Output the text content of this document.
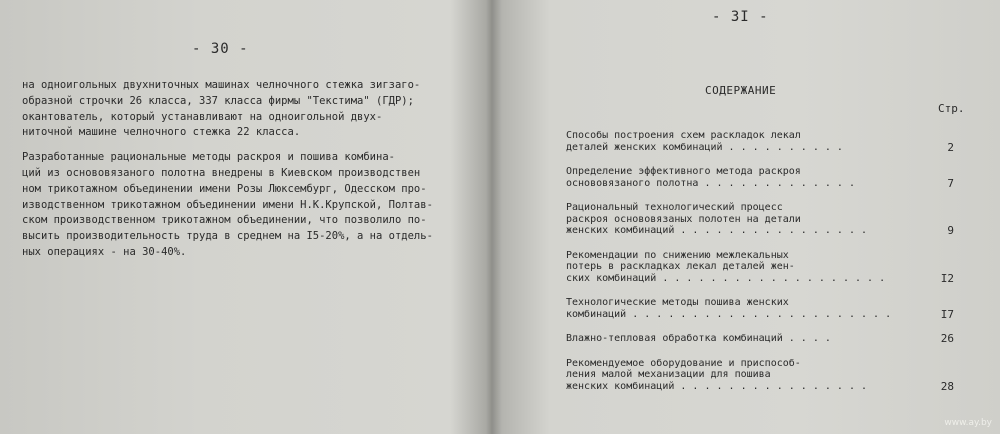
- 30 -
на одноигольных двухниточных машинах челночного стежка зигзаго-
образной строчки 26 класса, 337 класса фирмы "Текстима" (ГДР);
окантователь, который устанавливают на одноигольной двух-
ниточной машине челночного стежка 22 класса.
Разработанные рациональные методы раскроя и пошива комбина-
ций из основовязаного полотна внедрены в Киевском производствен
ном трикотажном объединении имени Розы Люксембург, Одесском про-
изводственном трикотажном объединении имени Н.К.Крупской, Полтав-
ском производственном трикотажном объединении, что позволило по-
высить производительность труда в среднем на I5-20%, а на отдель-
ных операциях - на 30-40%.
- 3I -
СОДЕРЖАНИЕ
Стр.
Способы построения схем раскладок лекал
деталей женских комбинаций . . . . . . . . . .	2
Определение эффективного метода раскроя
основовязаного полотна . . . . . . . . . . . . .	7
Рациональный технологический процесс
раскроя основовязаных полотен на детали
женских комбинаций . . . . . . . . . . . . . . . .	9
Рекомендации по снижению межлекальных
потерь в раскладках лекал деталей жен-
ских комбинаций . . . . . . . . . . . . . . . . . . .	I2
Технологические методы пошива женских
комбинаций . . . . . . . . . . . . . . . . . . . . . .	I7
Влажно-тепловая обработка комбинаций . . . .	26
Рекомендуемое оборудование и приспособ-
ления малой механизации для пошива
женских комбинаций . . . . . . . . . . . . . . . .	28
www.ay.by
